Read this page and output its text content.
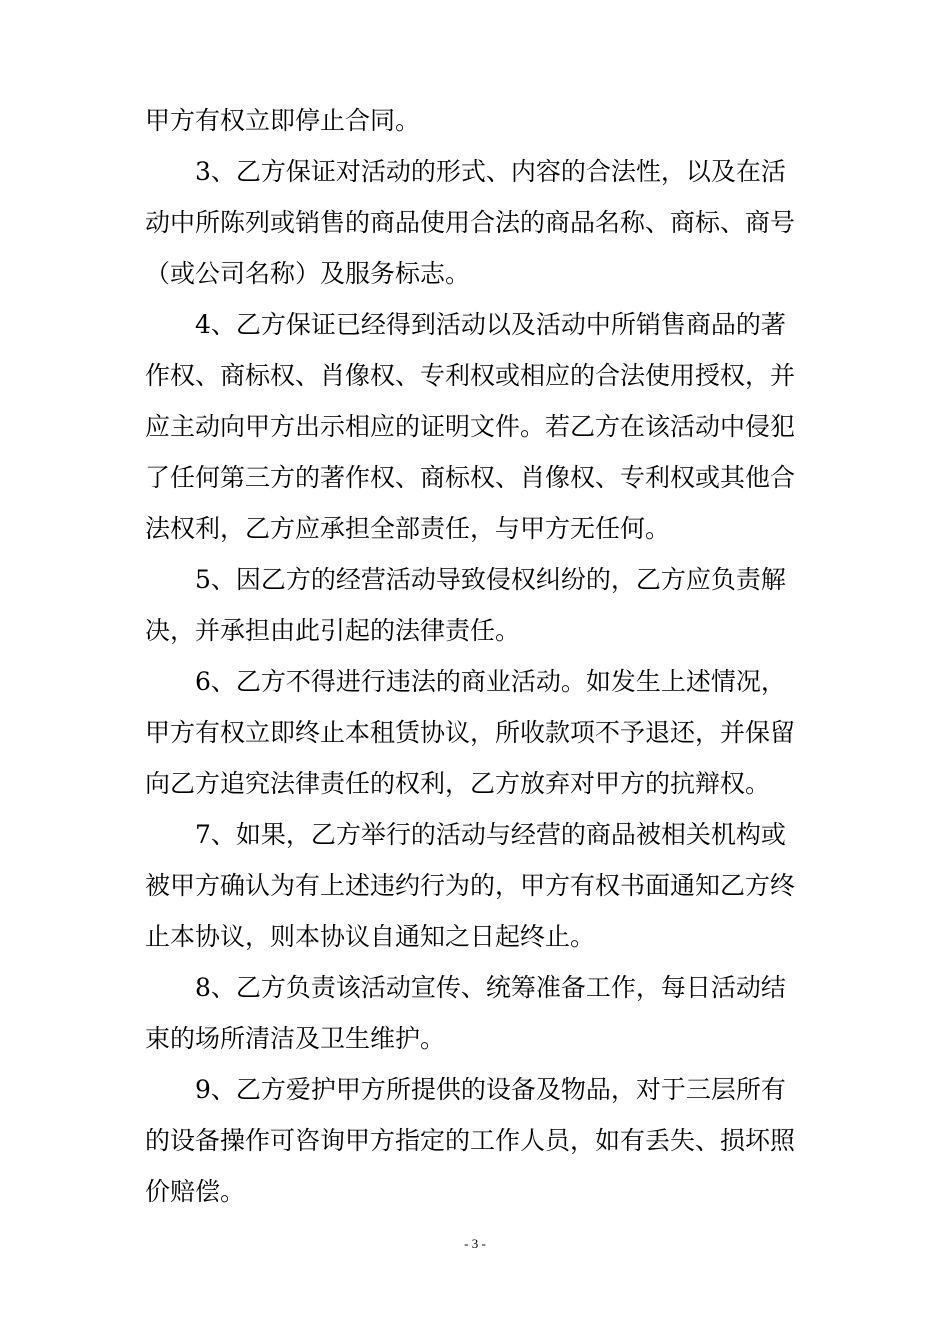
甲方有权立即停止合同。
3、乙方保证对活动的形式、内容的合法性，以及在活
动中所陈列或销售的商品使用合法的商品名称、商标、商号
（或公司名称）及服务标志。
4、乙方保证已经得到活动以及活动中所销售商品的著
作权、商标权、肖像权、专利权或相应的合法使用授权，并
应主动向甲方出示相应的证明文件。若乙方在该活动中侵犯
了任何第三方的著作权、商标权、肖像权、专利权或其他合
法权利，乙方应承担全部责任，与甲方无任何。
5、因乙方的经营活动导致侵权纠纷的，乙方应负责解
决，并承担由此引起的法律责任。
6、乙方不得进行违法的商业活动。如发生上述情况，
甲方有权立即终止本租赁协议，所收款项不予退还，并保留
向乙方追究法律责任的权利，乙方放弃对甲方的抗辩权。
7、如果，乙方举行的活动与经营的商品被相关机构或
被甲方确认为有上述违约行为的，甲方有权书面通知乙方终
止本协议，则本协议自通知之日起终止。
8、乙方负责该活动宣传、统筹准备工作，每日活动结
束的场所清洁及卫生维护。
9、乙方爱护甲方所提供的设备及物品，对于三层所有
的设备操作可咨询甲方指定的工作人员，如有丢失、损坏照
价赔偿。
- 3 -
